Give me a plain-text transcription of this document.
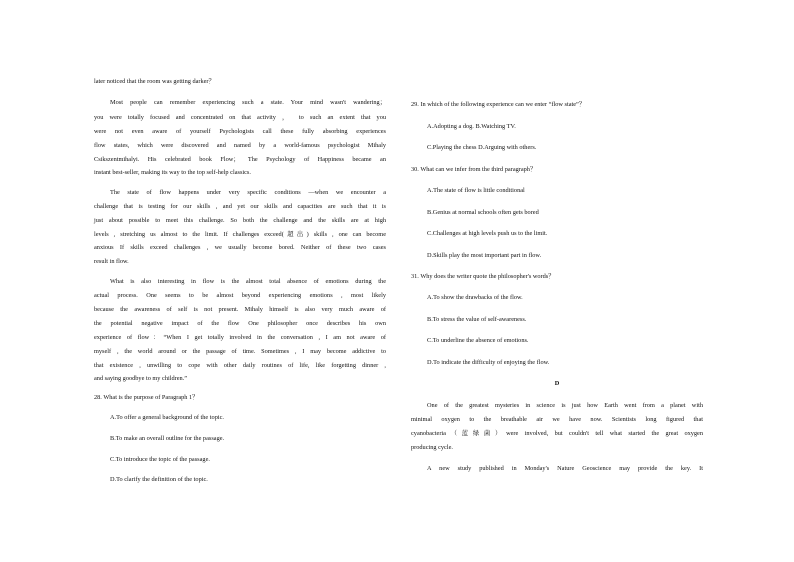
later noticed that the room was getting darker？
Most people can remember experiencing such a state. Your mind wasn't wandering；
you were totally focused and concentrated on that activity ， to such an extent that you
were not even aware of yourself Psychologists call these fully absorbing experiences
flow states, which were discovered and named by a world-famous psychologist Mihaly
Csikszentmihalyi. His celebrated book Flow； The Psychology of Happiness became an
instant best-seller, making its way to the top self-help classics.
The state of flow happens under very specific conditions —when we encounter a
challenge that is testing for our skills , and yet our skills and capacities are such that it is
just about possible to meet this challenge. So both the challenge and the skills are at high
levels , stretching us almost to the limit. If challenges exceed(超出) skills , one can become
anxious If skills exceed challenges , we usually become bored. Neither of these two cases
result in flow.
What is also interesting in flow is the almost total absence of emotions during the
actual process. One seems to be almost beyond experiencing emotions , most likely
because the awareness of self is not present. Mihaly himself is also very much aware of
the potential negative impact of the flow One philosopher once describes his own
experience of flow：“When I get totally involved in the conversation , I am not aware of
myself , the world around or the passage of time. Sometimes , I may become addictive to
that existence , unwilling to cope with other daily routines of life, like forgetting dinner ,
and saying goodbye to my children.”
28. What is the purpose of Paragraph 1？
A.To offer a general background of the topic.
B.To make an overall outline for the passage.
C.To introduce the topic of the passage.
D.To clarify the definition of the topic.
29. In which of the following experience can we enter “flow state”？
A.Adopting a dog. B.Watching TV.
C.Playing the chess D.Arguing with others.
30. What can we infer from the third paragraph？
A.The state of flow is little conditional
B.Genius at normal schools often gets bored
C.Challenges at high levels push us to the limit.
D.Skills play the most important part in flow.
31. Why does the writer quote the philosopher's words？
A.To show the drawbacks of the flow.
B.To stress the value of self-awareness.
C.To underline the absence of emotions.
D.To indicate the difficulty of enjoying the flow.
D
One of the greatest mysteries in science is just how Earth went from a planet with
minimal oxygen to the breathable air we have now. Scientists long figured that
cyanobacteria（蓝绿菌）were involved, but couldn't tell what started the great oxygen
producing cycle.
A new study published in Monday's Nature Geoscience may provide the key. It
